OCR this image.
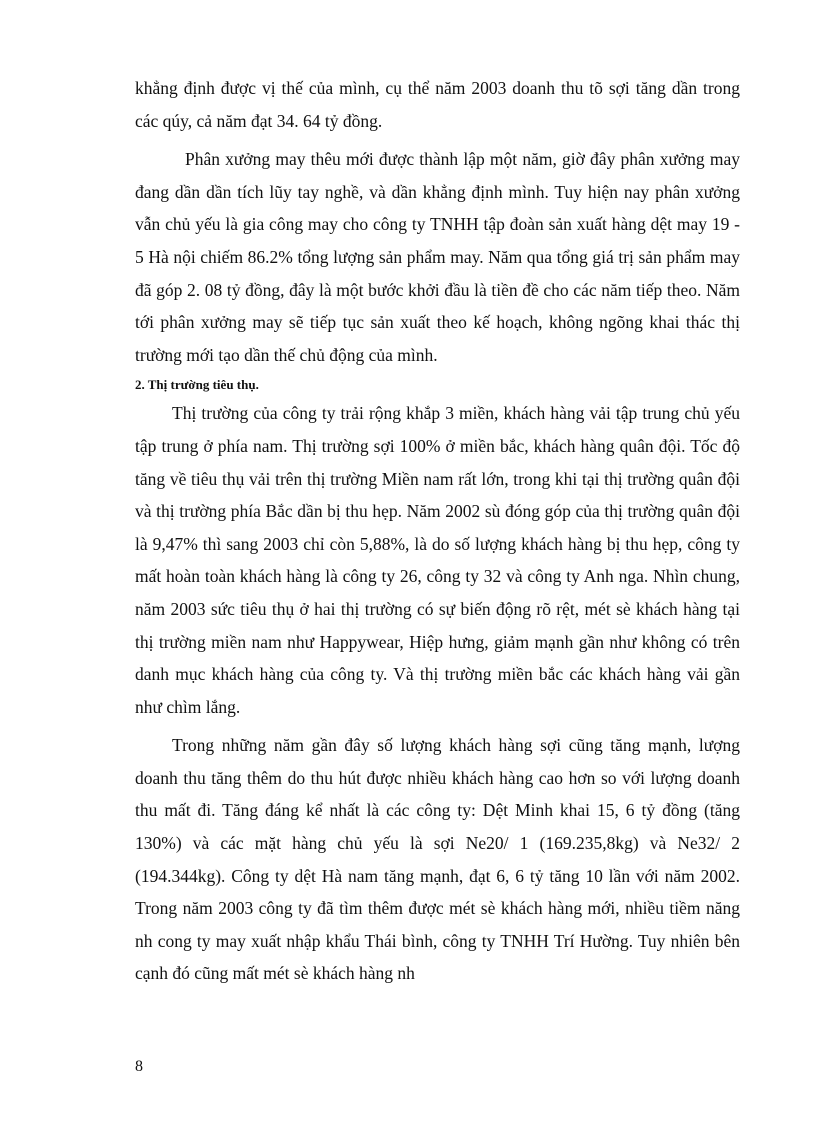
khẳng định được vị thế của mình, cụ thể năm 2003 doanh thu tõ sợi tăng dần trong các qúy, cả năm đạt 34. 64 tỷ đồng.

Phân xưởng may thêu mới được thành lập một năm, giờ đây phân xưởng may đang dần dần tích lũy tay nghề, và dần khẳng định mình. Tuy hiện nay phân xưởng vẫn chủ yếu là gia công may cho công ty TNHH tập đoàn sản xuất hàng dệt may 19 - 5 Hà nội chiếm 86.2% tổng lượng sản phẩm may. Năm qua tổng giá trị sản phẩm may đã góp 2. 08 tỷ đồng, đây là một bước khởi đầu là tiền đề cho các năm tiếp theo. Năm tới phân xưởng may sẽ tiếp tục sản xuất theo kế hoạch, không ngõng khai thác thị trường mới tạo dần thế chủ động của mình.

2. Thị trường tiêu thụ.

Thị trường của công ty trải rộng khắp 3 miền, khách hàng vải tập trung chủ yếu tập trung ở phía nam. Thị trường sợi 100% ở miền bắc, khách hàng quân đội. Tốc độ tăng về tiêu thụ vải trên thị trường Miền nam rất lớn, trong khi tại thị trường quân đội và thị trường phía Bắc dần bị thu hẹp. Năm 2002 sù đóng góp của thị trường quân đội là 9,47% thì sang 2003 chỉ còn 5,88%, là do số lượng khách hàng bị thu hẹp, công ty mất hoàn toàn khách hàng là công ty 26, công ty 32 và công ty Anh nga. Nhìn chung, năm 2003 sức tiêu thụ ở hai thị trường có sự biến động rõ rệt, mét sè khách hàng tại thị trường miền nam như Happywear, Hiệp hưng, giảm mạnh gần như không có trên danh mục khách hàng của công ty. Và thị trường miền bắc các khách hàng vải gần như chìm lắng.

Trong những năm gần đây số lượng khách hàng sợi cũng tăng mạnh, lượng doanh thu tăng thêm do thu hút được nhiều khách hàng cao hơn so với lượng doanh thu mất đi. Tăng đáng kể nhất là các công ty: Dệt Minh khai 15, 6 tỷ đồng (tăng 130%) và các mặt hàng chủ yếu là sợi Ne20/ 1 (169.235,8kg) và Ne32/ 2 (194.344kg). Công ty dệt Hà nam tăng mạnh, đạt 6, 6 tỷ tăng 10 lần với năm 2002. Trong năm 2003 công ty đã tìm thêm được mét sè khách hàng mới, nhiều tiềm năng nh cong ty may xuất nhập khẩu Thái bình, công ty TNHH Trí Hường. Tuy nhiên bên cạnh đó cũng mất mét sè khách hàng nh

8
